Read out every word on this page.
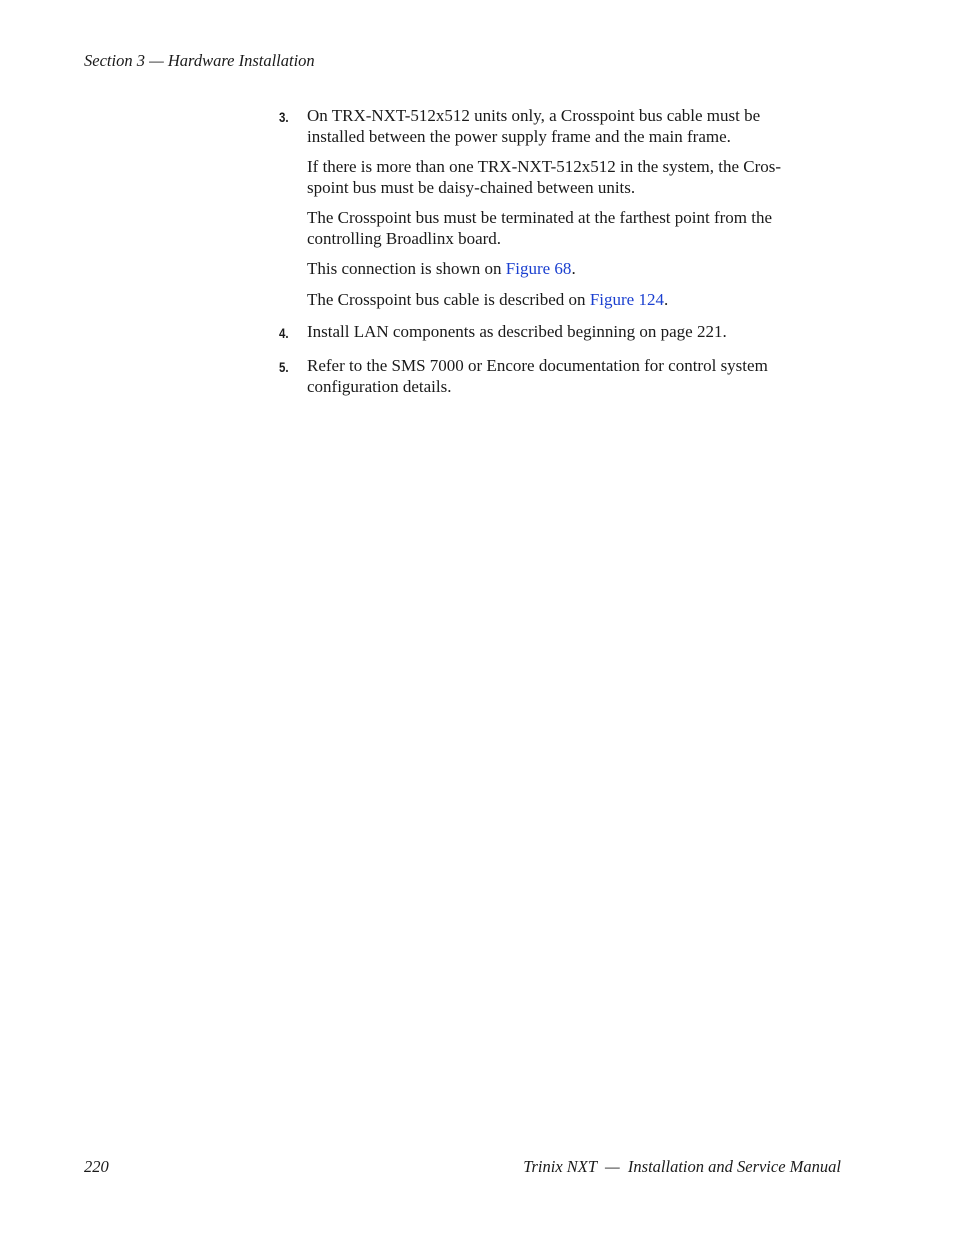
Section 3 — Hardware Installation
3.	On TRX-NXT-512x512 units only, a Crosspoint bus cable must be

installed between the power supply frame and the main frame.

If there is more than one TRX-NXT-512x512 in the system, the Cros-

spoint bus must be daisy-chained between units.

The Crosspoint bus must be terminated at the farthest point from the

controlling Broadlinx board.

This connection is shown on Figure 68.

The Crosspoint bus cable is described on Figure 124.

4.	Install LAN components as described beginning on page 221.

5.	Refer to the SMS 7000 or Encore documentation for control system

configuration details.

220	Trinix NXT  —  Installation and Service Manual
